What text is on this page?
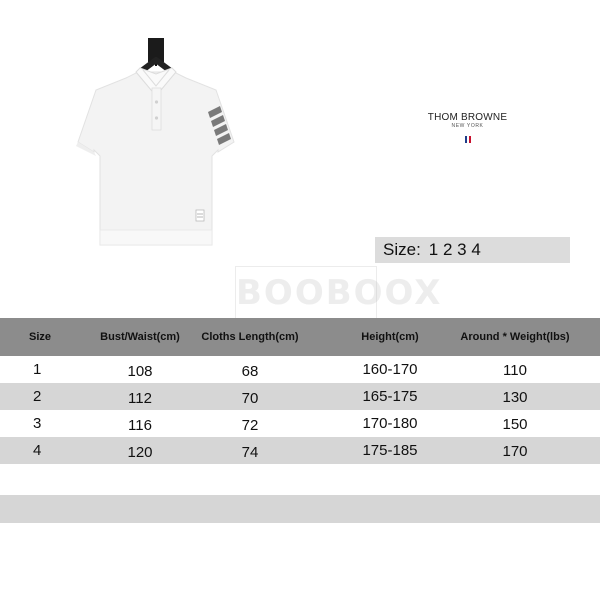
THOM BROWNE
NEW YORK
Size: 1 2 3 4
BOOBOOX
Size	Bust/Waist(cm)	Cloths Length(cm)	Height(cm)	Around * Weight(lbs)
1	108	68	160-170	110
2	112	70	165-175	130
3	116	72	170-180	150
4	120	74	175-185	170
